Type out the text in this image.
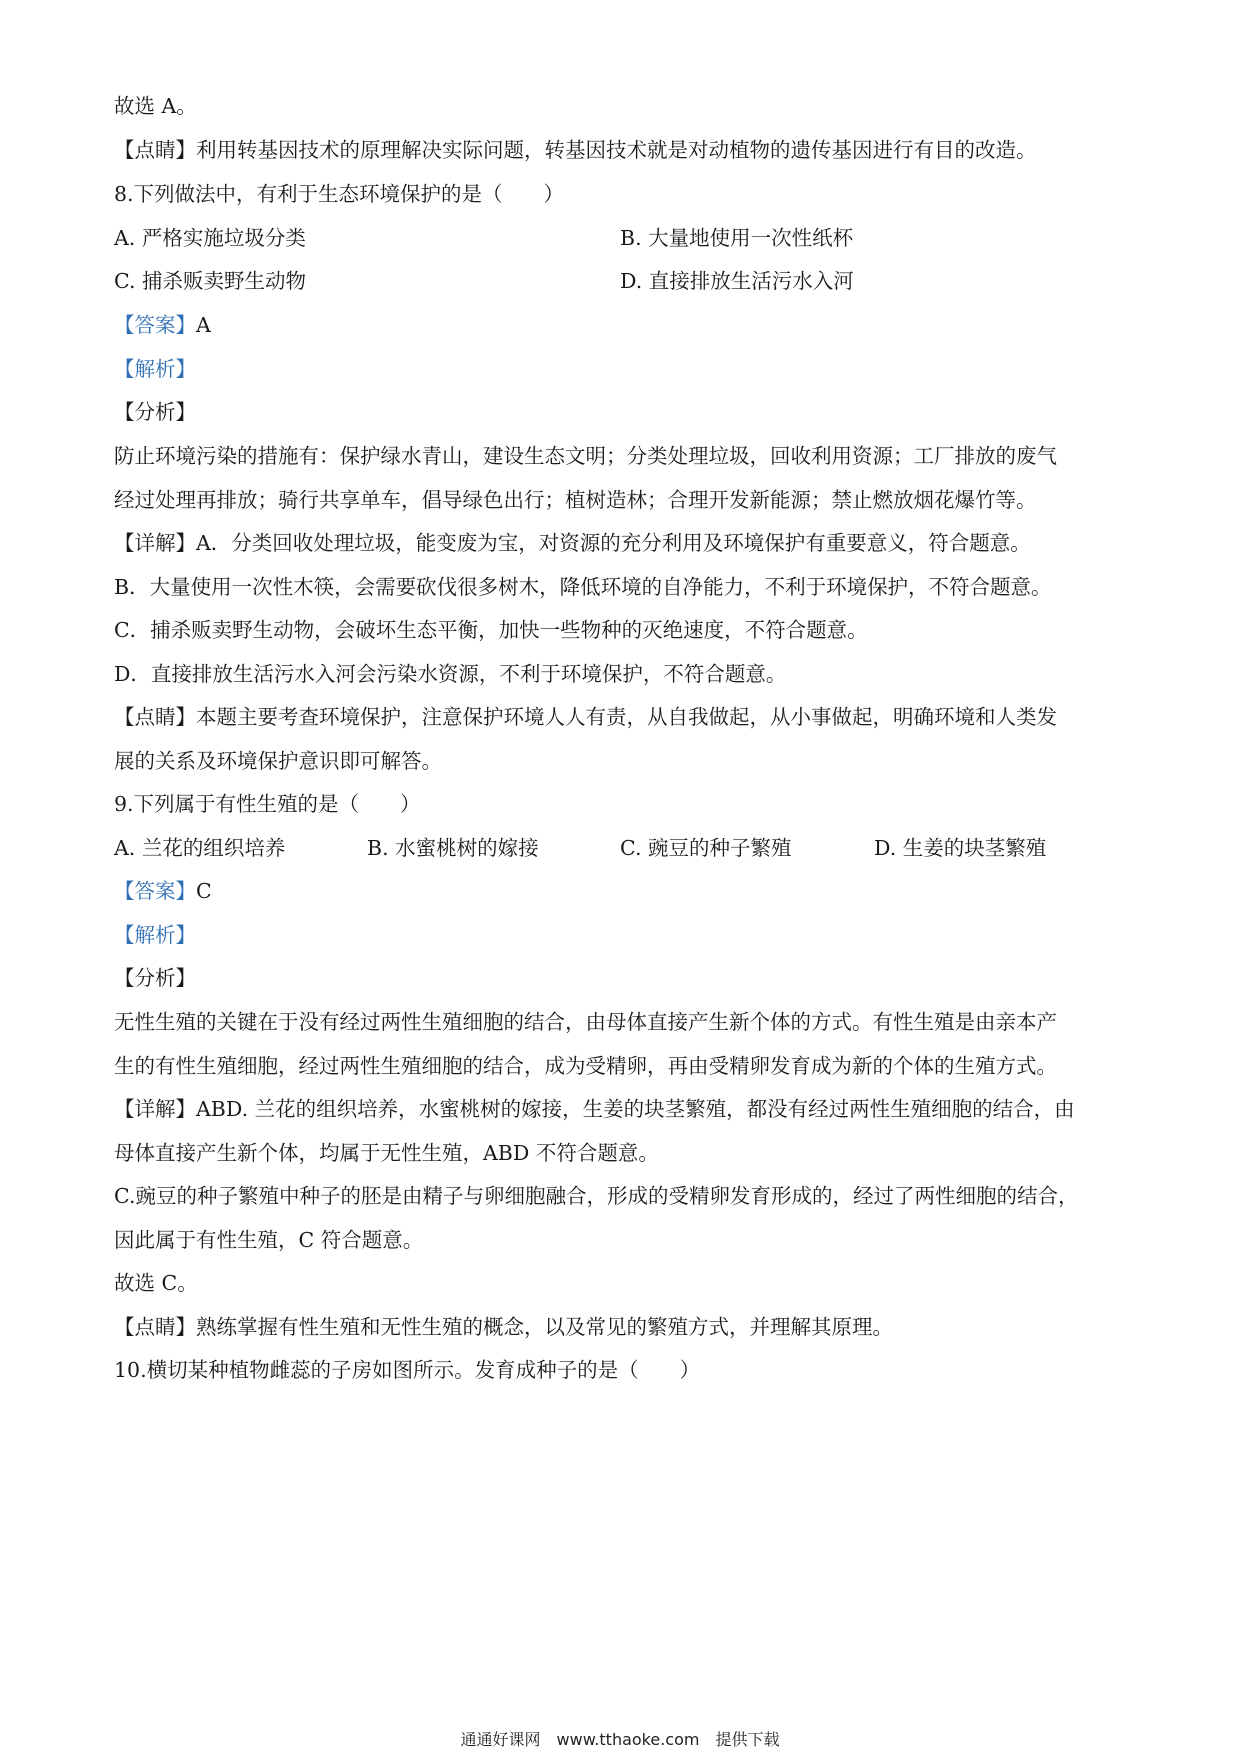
故选 A。
【点睛】利用转基因技术的原理解决实际问题，转基因技术就是对动植物的遗传基因进行有目的改造。
8.下列做法中，有利于生态环境保护的是（　　）
A. 严格实施垃圾分类	B. 大量地使用一次性纸杯
C. 捕杀贩卖野生动物	D. 直接排放生活污水入河
【答案】A
【解析】
【分析】
防止环境污染的措施有：保护绿水青山，建设生态文明；分类处理垃圾，回收利用资源；工厂排放的废气
经过处理再排放；骑行共享单车，倡导绿色出行；植树造林；合理开发新能源；禁止燃放烟花爆竹等。
【详解】A．分类回收处理垃圾，能变废为宝，对资源的充分利用及环境保护有重要意义，符合题意。
B．大量使用一次性木筷，会需要砍伐很多树木，降低环境的自净能力，不利于环境保护，不符合题意。
C．捕杀贩卖野生动物，会破坏生态平衡，加快一些物种的灭绝速度，不符合题意。
D．直接排放生活污水入河会污染水资源，不利于环境保护，不符合题意。
【点睛】本题主要考查环境保护，注意保护环境人人有责，从自我做起，从小事做起，明确环境和人类发
展的关系及环境保护意识即可解答。
9.下列属于有性生殖的是（　　）
A. 兰花的组织培养	B. 水蜜桃树的嫁接	C. 豌豆的种子繁殖	D. 生姜的块茎繁殖
【答案】C
【解析】
【分析】
无性生殖的关键在于没有经过两性生殖细胞的结合，由母体直接产生新个体的方式。有性生殖是由亲本产
生的有性生殖细胞，经过两性生殖细胞的结合，成为受精卵，再由受精卵发育成为新的个体的生殖方式。
【详解】ABD. 兰花的组织培养，水蜜桃树的嫁接，生姜的块茎繁殖，都没有经过两性生殖细胞的结合，由
母体直接产生新个体，均属于无性生殖，ABD 不符合题意。
C.豌豆的种子繁殖中种子的胚是由精子与卵细胞融合，形成的受精卵发育形成的，经过了两性细胞的结合，
因此属于有性生殖，C 符合题意。
故选 C。
【点睛】熟练掌握有性生殖和无性生殖的概念，以及常见的繁殖方式，并理解其原理。
10.横切某种植物雌蕊的子房如图所示。发育成种子的是（　　）
通通好课网　www.tthaoke.com　提供下载
